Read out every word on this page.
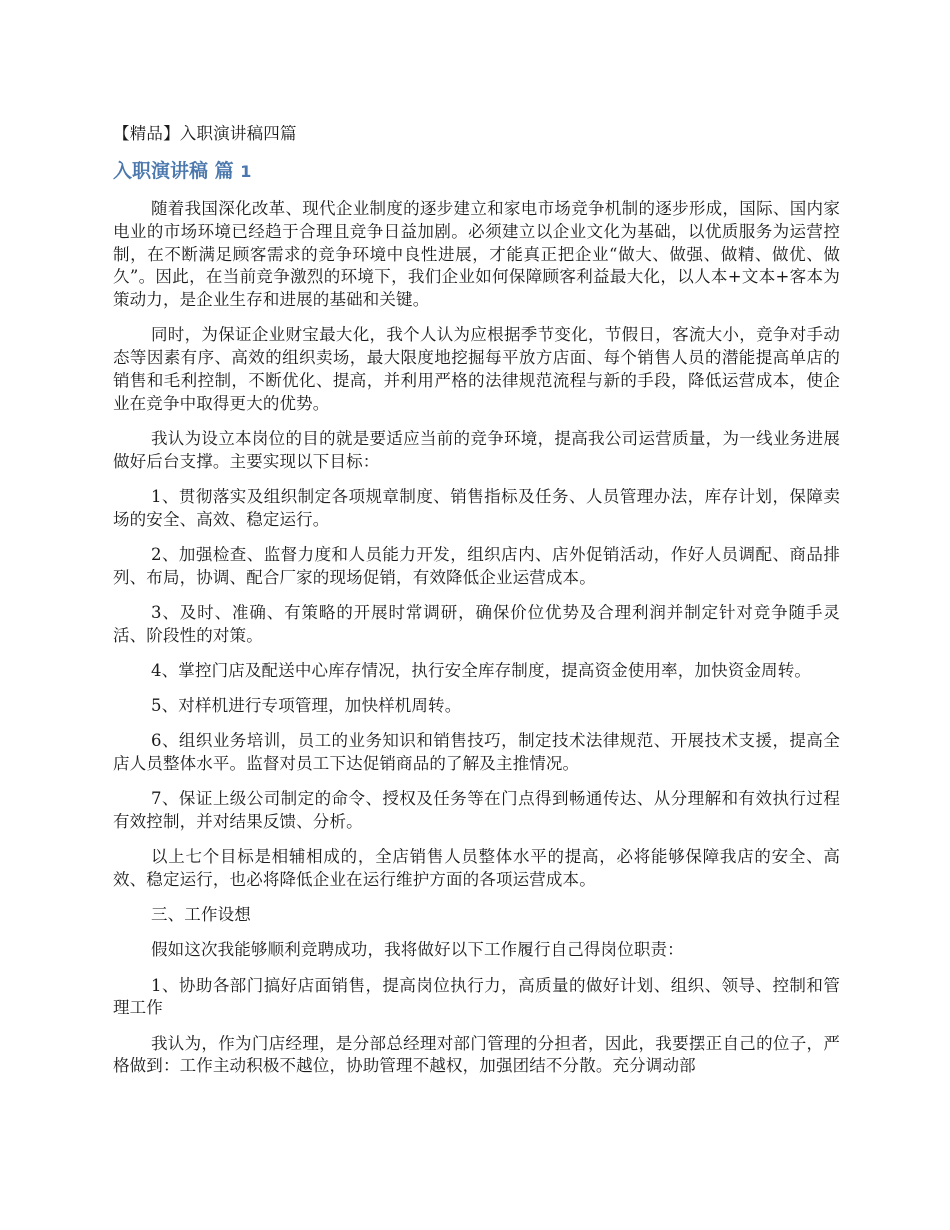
【精品】入职演讲稿四篇
入职演讲稿 篇 1

随着我国深化改革、现代企业制度的逐步建立和家电市场竞争机制的逐步形成，国际、国内家电业的市场环境已经趋于合理且竞争日益加剧。必须建立以企业文化为基础，以优质服务为运营控制，在不断满足顾客需求的竞争环境中良性进展，才能真正把企业“做大、做强、做精、做优、做久”。因此，在当前竞争激烈的环境下，我们企业如何保障顾客利益最大化，以人本+文本+客本为策动力，是企业生存和进展的基础和关键。

同时，为保证企业财宝最大化，我个人认为应根据季节变化，节假日，客流大小，竞争对手动态等因素有序、高效的组织卖场，最大限度地挖掘每平放方店面、每个销售人员的潜能提高单店的销售和毛利控制，不断优化、提高，并利用严格的法律规范流程与新的手段，降低运营成本，使企业在竞争中取得更大的优势。

我认为设立本岗位的目的就是要适应当前的竞争环境，提高我公司运营质量，为一线业务进展做好后台支撑。主要实现以下目标：

1、贯彻落实及组织制定各项规章制度、销售指标及任务、人员管理办法，库存计划，保障卖场的安全、高效、稳定运行。

2、加强检查、监督力度和人员能力开发，组织店内、店外促销活动，作好人员调配、商品排列、布局，协调、配合厂家的现场促销，有效降低企业运营成本。

3、及时、准确、有策略的开展时常调研，确保价位优势及合理利润并制定针对竞争随手灵活、阶段性的对策。

4、掌控门店及配送中心库存情况，执行安全库存制度，提高资金使用率，加快资金周转。

5、对样机进行专项管理，加快样机周转。

6、组织业务培训，员工的业务知识和销售技巧，制定技术法律规范、开展技术支援，提高全店人员整体水平。监督对员工下达促销商品的了解及主推情况。

7、保证上级公司制定的命令、授权及任务等在门点得到畅通传达、从分理解和有效执行过程有效控制，并对结果反馈、分析。

以上七个目标是相辅相成的，全店销售人员整体水平的提高，必将能够保障我店的安全、高效、稳定运行，也必将降低企业在运行维护方面的各项运营成本。

三、工作设想

假如这次我能够顺利竞聘成功，我将做好以下工作履行自己得岗位职责：

1、协助各部门搞好店面销售，提高岗位执行力，高质量的做好计划、组织、领导、控制和管理工作

我认为，作为门店经理，是分部总经理对部门管理的分担者，因此，我要摆正自己的位子，严格做到：工作主动积极不越位，协助管理不越权，加强团结不分散。充分调动部
